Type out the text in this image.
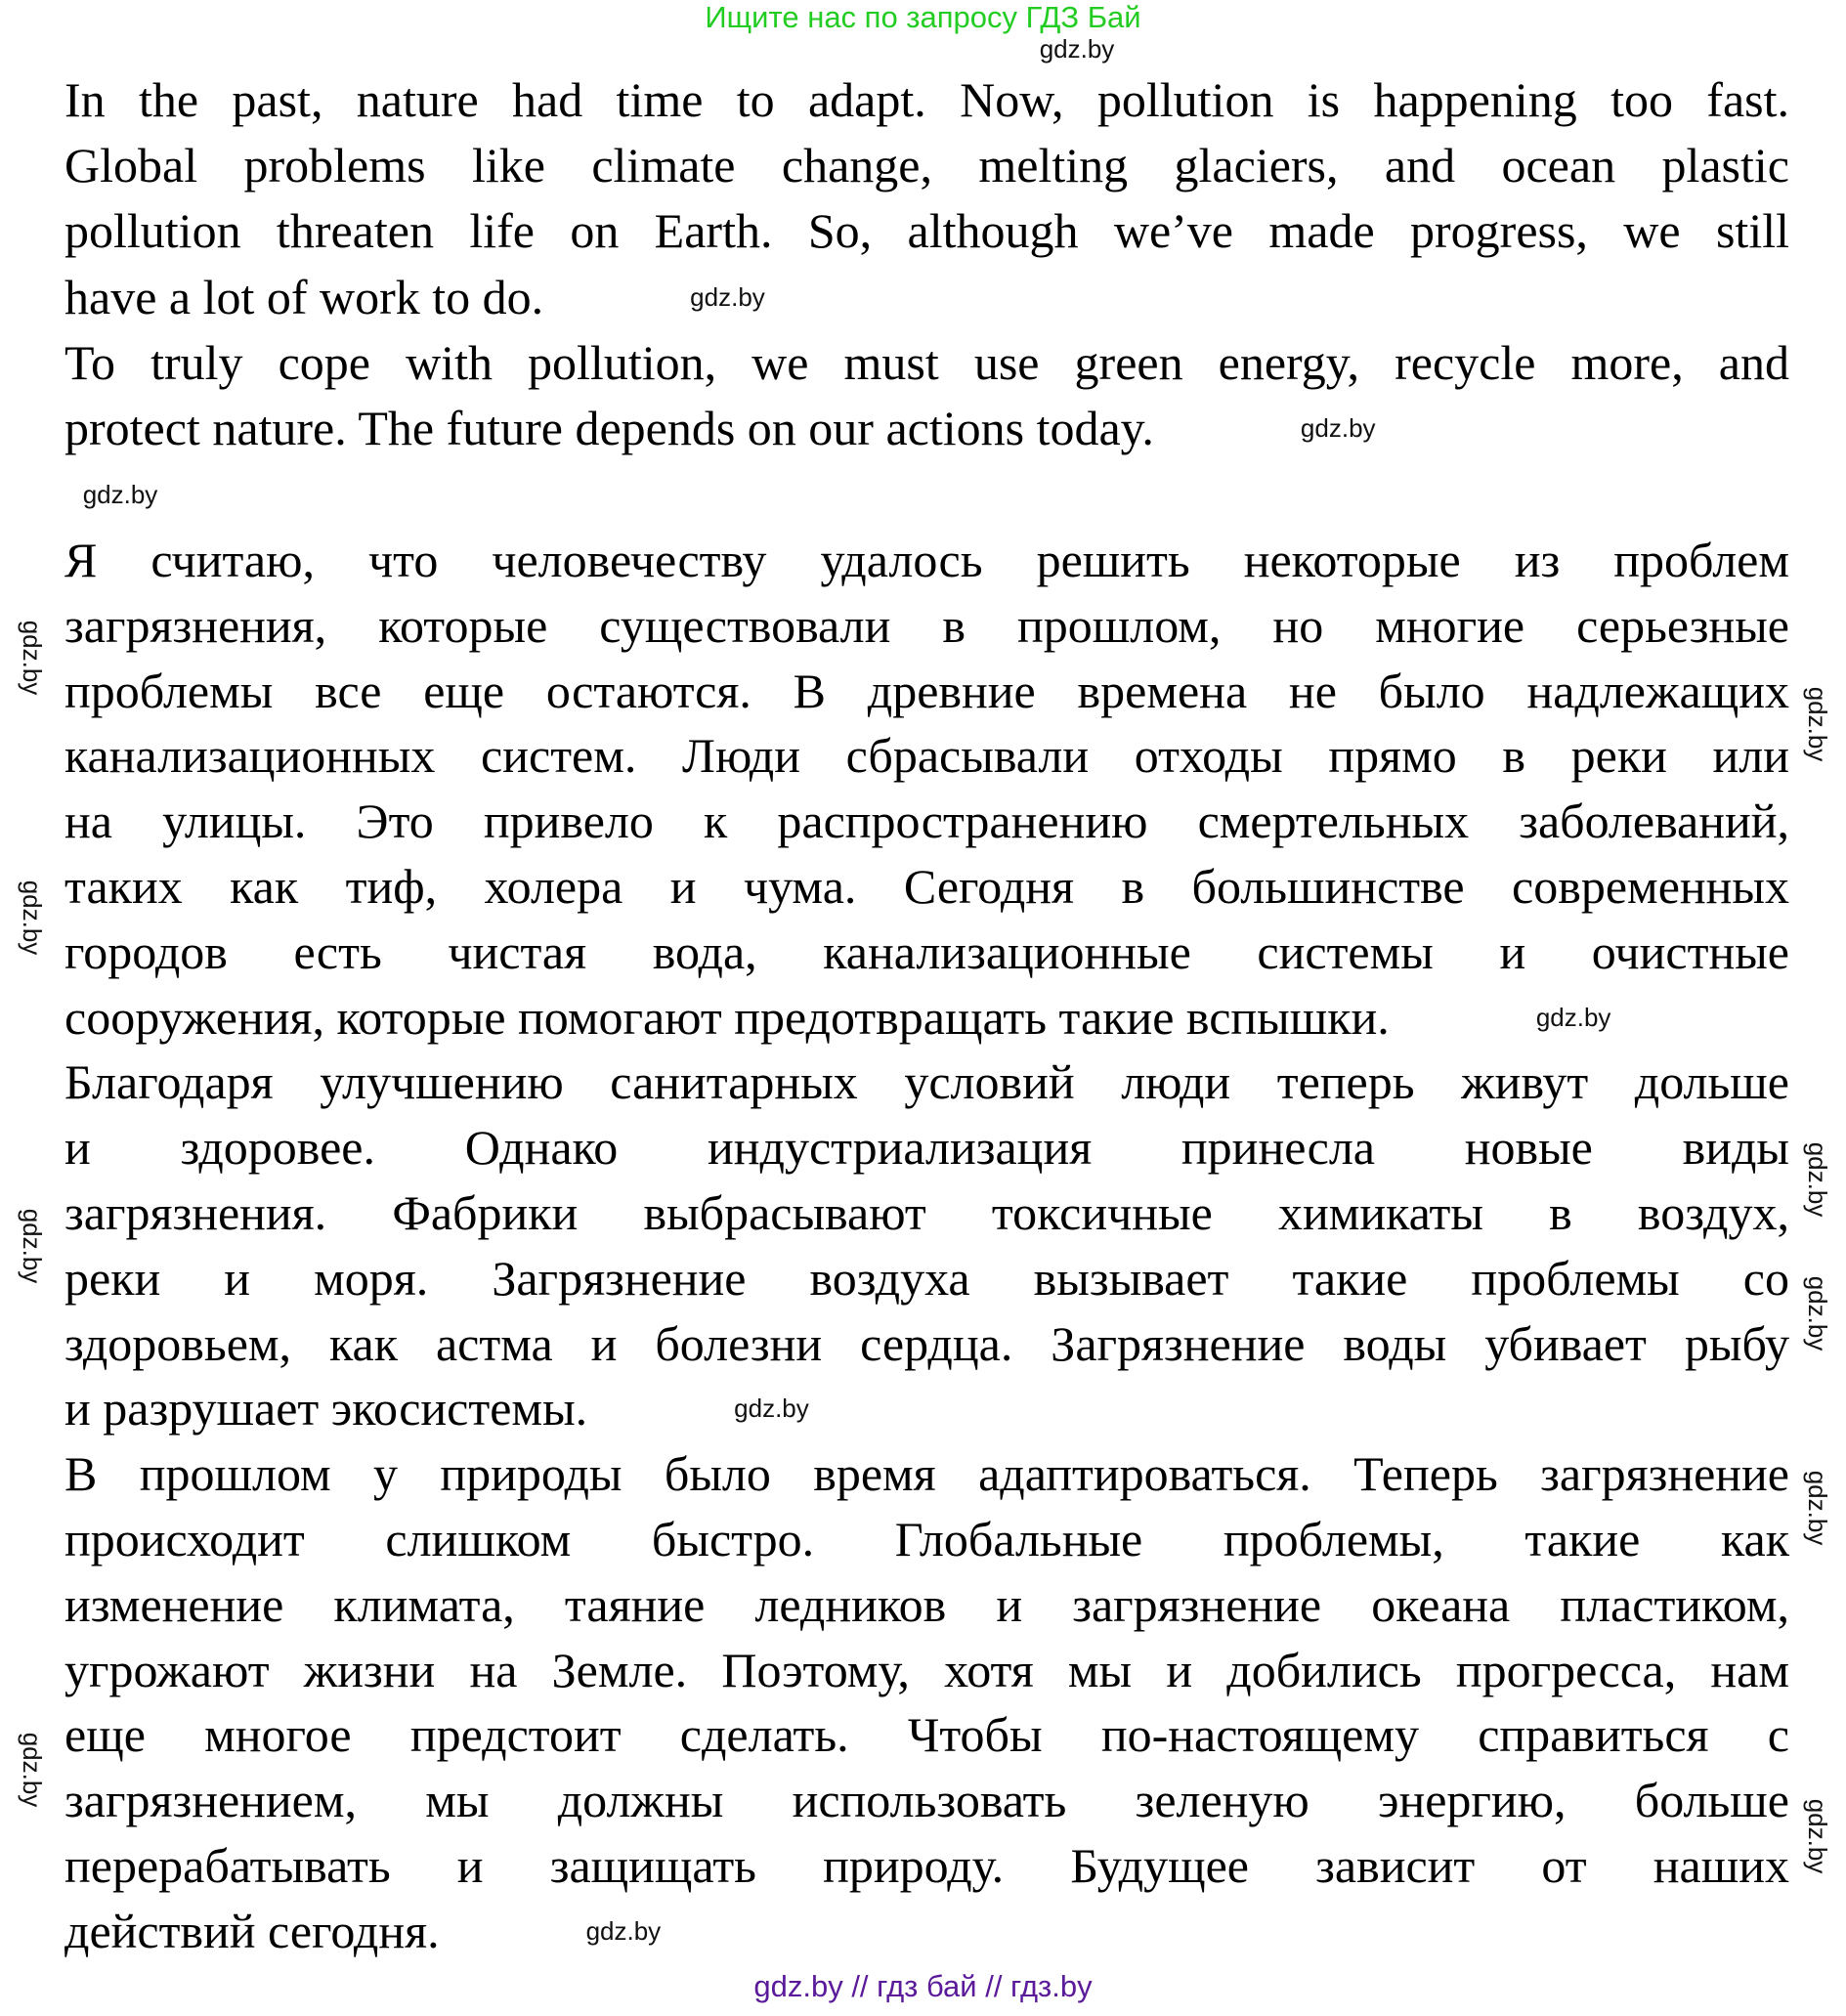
Ищите нас по запросу ГДЗ Бай
In the past, nature had time to adapt. Now, pollution is happening too fast.
Global problems like climate change, melting glaciers, and ocean plastic
pollution threaten life on Earth. So, although we’ve made progress, we still
have a lot of work to do.	gdz.by
To truly cope with pollution, we must use green energy, recycle more, and
protect nature. The future depends on our actions today.	gdz.by
Я считаю, что человечеству удалось решить некоторые из проблем
загрязнения, которые существовали в прошлом, но многие серьезные
проблемы все еще остаются. В древние времена не было надлежащих
канализационных систем. Люди сбрасывали отходы прямо в реки или
на улицы. Это привело к распространению смертельных заболеваний,
таких как тиф, холера и чума. Сегодня в большинстве современных
городов есть чистая вода, канализационные системы и очистные
сооружения, которые помогают предотвращать такие вспышки.	gdz.by
Благодаря улучшению санитарных условий люди теперь живут дольше
и здоровее. Однако индустриализация принесла новые виды
загрязнения. Фабрики выбрасывают токсичные химикаты в воздух,
реки и моря. Загрязнение воздуха вызывает такие проблемы со
здоровьем, как астма и болезни сердца. Загрязнение воды убивает рыбу
и разрушает экосистемы.	gdz.by
В прошлом у природы было время адаптироваться. Теперь загрязнение
происходит слишком быстро. Глобальные проблемы, такие как
изменение климата, таяние ледников и загрязнение океана пластиком,
угрожают жизни на Земле. Поэтому, хотя мы и добились прогресса, нам
еще многое предстоит сделать. Чтобы по-настоящему справиться с
загрязнением, мы должны использовать зеленую энергию, больше
перерабатывать и защищать природу. Будущее зависит от наших
действий сегодня.	gdz.by
gdz.by
gdz.by
gdz.by
gdz.by
gdz.by
gdz.by
gdz.by
gdz.by
gdz.by
gdz.by
gdz.by
gdz.by // гдз бай // гдз.by
